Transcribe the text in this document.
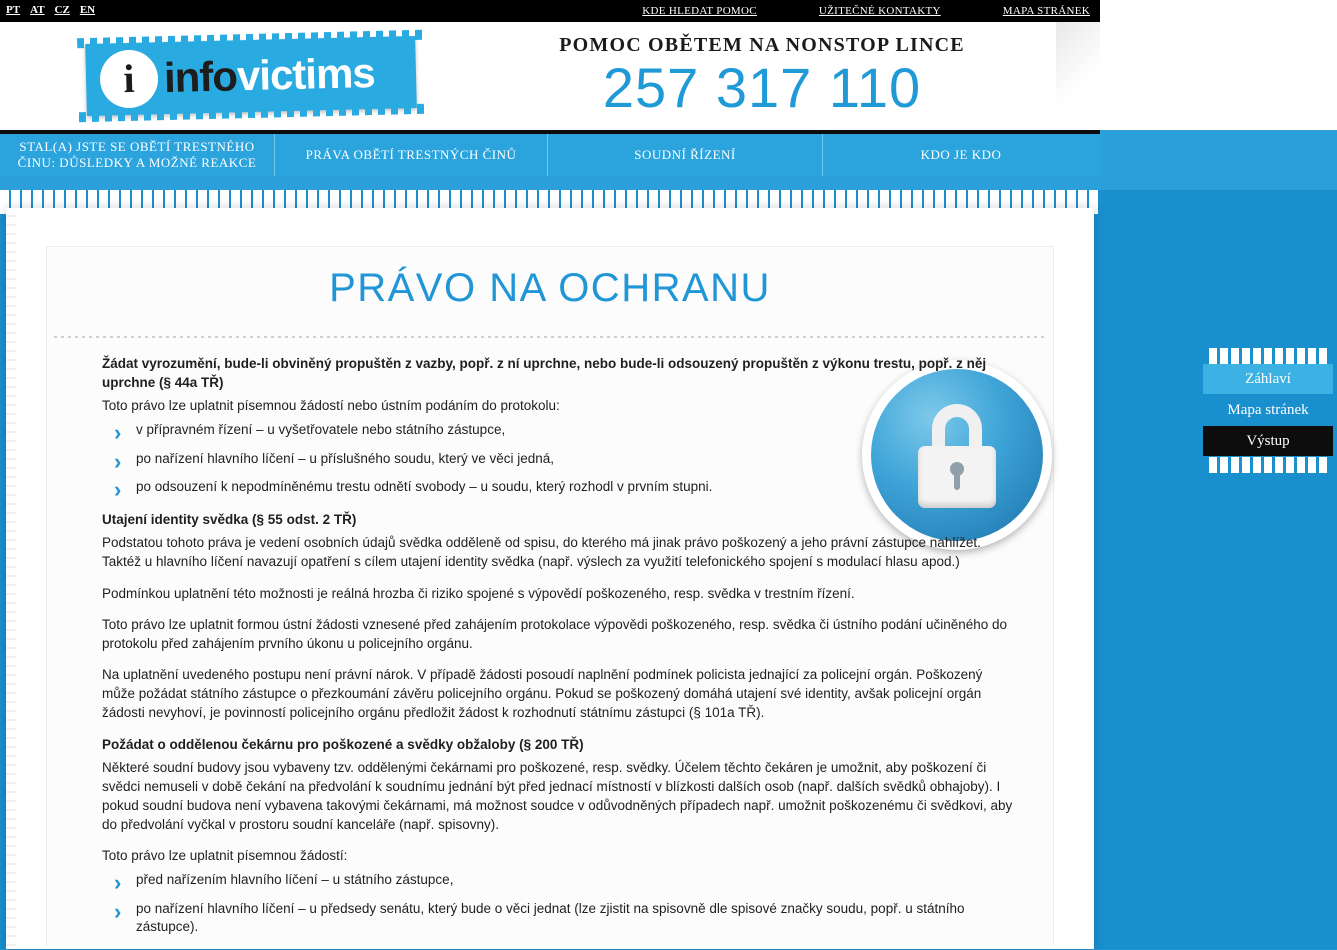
PT AT CZ EN	KDE HLEDAT POMOC	UŽITEČNÉ KONTAKTY	MAPA STRÁNEK
i infovictims
POMOC OBĚTEM NA NONSTOP LINCE
257 317 110
STAL(A) JSTE SE OBĚTÍ TRESTNÉHO ČINU: DŮSLEDKY A MOŽNÉ REAKCE
PRÁVA OBĚTÍ TRESTNÝCH ČINŮ	SOUDNÍ ŘÍZENÍ	KDO JE KDO
PRÁVO NA OCHRANU

Žádat vyrozumění, bude-li obviněný propuštěn z vazby, popř. z ní uprchne, nebo bude-li odsouzený propuštěn z výkonu trestu, popř. z něj uprchne (§ 44a TŘ)

Toto právo lze uplatnit písemnou žádostí nebo ústním podáním do protokolu:

› v přípravném řízení – u vyšetřovatele nebo státního zástupce,
› po nařízení hlavního líčení – u příslušného soudu, který ve věci jedná,
› po odsouzení k nepodmíněnému trestu odnětí svobody – u soudu, který rozhodl v prvním stupni.

Utajení identity svědka (§ 55 odst. 2 TŘ)

Podstatou tohoto práva je vedení osobních údajů svědka odděleně od spisu, do kterého má jinak právo poškozený a jeho právní zástupce nahlížet. Taktéž u hlavního líčení navazují opatření s cílem utajení identity svědka (např. výslech za využití telefonického spojení s modulací hlasu apod.)

Podmínkou uplatnění této možnosti je reálná hrozba či riziko spojené s výpovědí poškozeného, resp. svědka v trestním řízení.

Toto právo lze uplatnit formou ústní žádosti vznesené před zahájením protokolace výpovědi poškozeného, resp. svědka či ústního podání učiněného do protokolu před zahájením prvního úkonu u policejního orgánu.

Na uplatnění uvedeného postupu není právní nárok. V případě žádosti posoudí naplnění podmínek policista jednající za policejní orgán. Poškozený může požádat státního zástupce o přezkoumání závěru policejního orgánu. Pokud se poškozený domáhá utajení své identity, avšak policejní orgán žádosti nevyhoví, je povinností policejního orgánu předložit žádost k rozhodnutí státnímu zástupci (§ 101a TŘ).

Požádat o oddělenou čekárnu pro poškozené a svědky obžaloby (§ 200 TŘ)

Některé soudní budovy jsou vybaveny tzv. oddělenými čekárnami pro poškozené, resp. svědky. Účelem těchto čekáren je umožnit, aby poškození či svědci nemuseli v době čekání na předvolání k soudnímu jednání být před jednací místností v blízkosti dalších osob (např. dalších svědků obhajoby). I pokud soudní budova není vybavena takovými čekárnami, má možnost soudce v odůvodněných případech např. umožnit poškozenému či svědkovi, aby do předvolání vyčkal v prostoru soudní kanceláře (např. spisovny).

Toto právo lze uplatnit písemnou žádostí:

› před nařízením hlavního líčení – u státního zástupce,
› po nařízení hlavního líčení – u předsedy senátu, který bude o věci jednat (lze zjistit na spisovně dle spisové značky soudu, popř. u státního zástupce).
Záhlaví
Mapa stránek
Výstup
